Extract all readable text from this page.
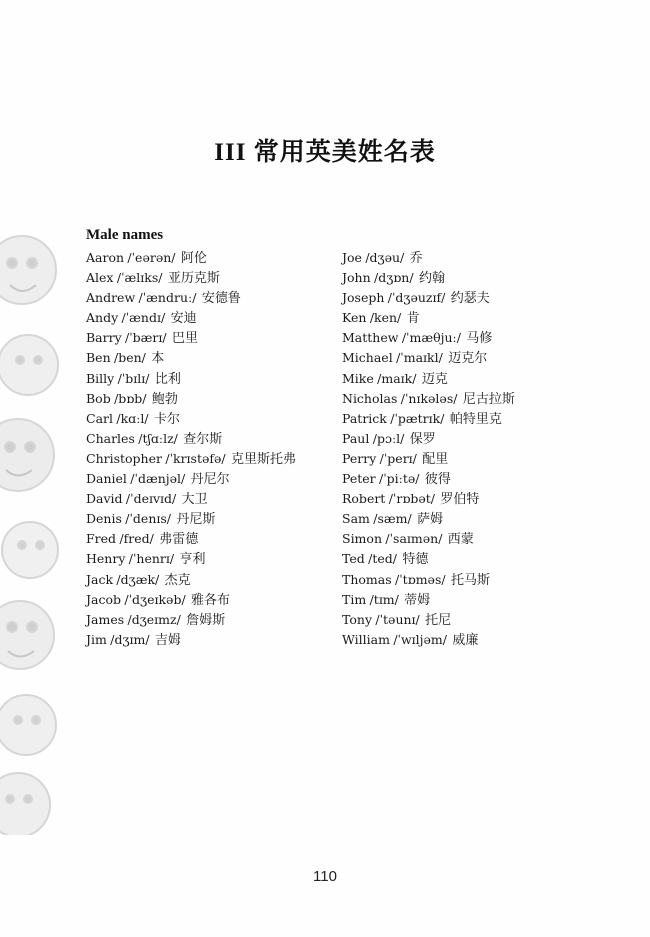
III 常用英美姓名表
Male names
Aaron /ˈeərən/ 阿伦
Alex /ˈælɪks/ 亚历克斯
Andrew /ˈændruː/ 安德鲁
Andy /ˈændɪ/ 安迪
Barry /ˈbærɪ/ 巴里
Ben /ben/ 本
Billy /ˈbɪlɪ/ 比利
Bob /bɒb/ 鲍勃
Carl /kɑːl/ 卡尔
Charles /tʃɑːlz/ 查尔斯
Christopher /ˈkrɪstəfə/ 克里斯托弗
Daniel /ˈdænjəl/ 丹尼尔
David /ˈdeɪvɪd/ 大卫
Denis /ˈdenɪs/ 丹尼斯
Fred /fred/ 弗雷德
Henry /ˈhenrɪ/ 亨利
Jack /dʒæk/ 杰克
Jacob /ˈdʒeɪkəb/ 雅各布
James /dʒeɪmz/ 詹姆斯
Jim /dʒɪm/ 吉姆
Joe /dʒəu/ 乔
John /dʒɒn/ 约翰
Joseph /ˈdʒəuzɪf/ 约瑟夫
Ken /ken/ 肯
Matthew /ˈmæθjuː/ 马修
Michael /ˈmaɪkl/ 迈克尔
Mike /maɪk/ 迈克
Nicholas /ˈnɪkələs/ 尼古拉斯
Patrick /ˈpætrɪk/ 帕特里克
Paul /pɔːl/ 保罗
Perry /ˈperɪ/ 配里
Peter /ˈpiːtə/ 彼得
Robert /ˈrɒbət/ 罗伯特
Sam /sæm/ 萨姆
Simon /ˈsaɪmən/ 西蒙
Ted /ted/ 特德
Thomas /ˈtɒməs/ 托马斯
Tim /tɪm/ 蒂姆
Tony /ˈtəunɪ/ 托尼
William /ˈwɪljəm/ 威廉
110
